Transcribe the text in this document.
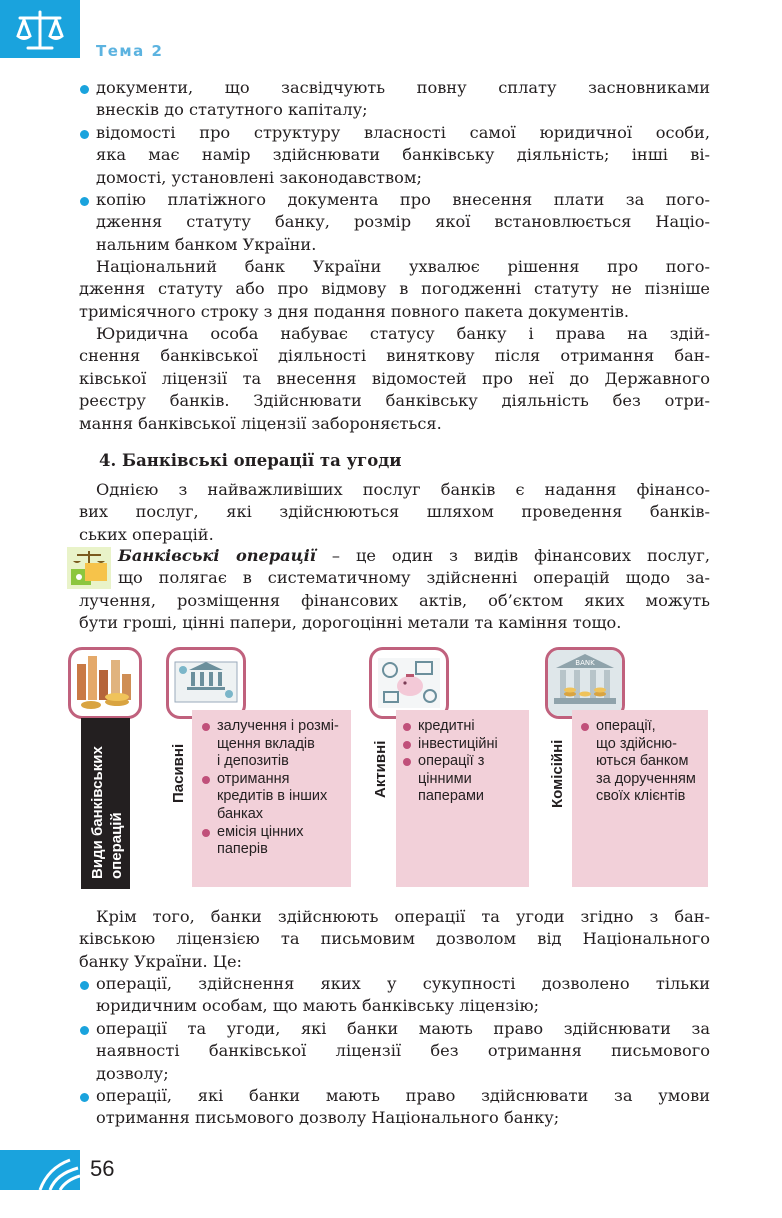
Тема 2
документи, що засвідчують повну сплату засновниками
внесків до статутного капіталу;
відомості про структуру власності самої юридичної особи,
яка має намір здійснювати банківську діяльність; інші ві-
домості, установлені законодавством;
копію платіжного документа про внесення плати за пого-
дження статуту банку, розмір якої встановлюється Націо-
нальним банком України.
Національний банк України ухвалює рішення про пого-
дження статуту або про відмову в погодженні статуту не пізніше
тримісячного строку з дня подання повного пакета документів.
Юридична особа набуває статусу банку і права на здій-
снення банківської діяльності виняткову після отримання бан-
ківської ліцензії та внесення відомостей про неї до Державного
реєстру банків. Здійснювати банківську діяльність без отри-
мання банківської ліцензії забороняється.
4. Банківські операції та угоди
Однією з найважливіших послуг банків є надання фінансо-
вих послуг, які здійснюються шляхом проведення банків-
ських операцій.
Банківські операції – це один з видів фінансових послуг,
що полягає в систематичному здійсненні операцій щодо за-
лучення, розміщення фінансових актів, об’єктом яких можуть
бути гроші, цінні папери, дорогоцінні метали та каміння тощо.
Види банківських операцій
залучення і розмі-
щення вкладів
і депозитів
отримання
кредитів в інших
банках
емісія цінних
паперів
Пасивні
кредитні
інвестиційні
операції з
цінними
паперами
Активні
BANK
операції,
що здійсню-
ються банком
за дорученням
своїх клієнтів
Комісійні
Крім того, банки здійснюють операції та угоди згідно з бан-
ківською ліцензією та письмовим дозволом від Національного
банку України. Це:
операції, здійснення яких у сукупності дозволено тільки
юридичним особам, що мають банківську ліцензію;
операції та угоди, які банки мають право здійснювати за
наявності банківської ліцензії без отримання письмового
дозволу;
операції, які банки мають право здійснювати за умови
отримання письмового дозволу Національного банку;
56
